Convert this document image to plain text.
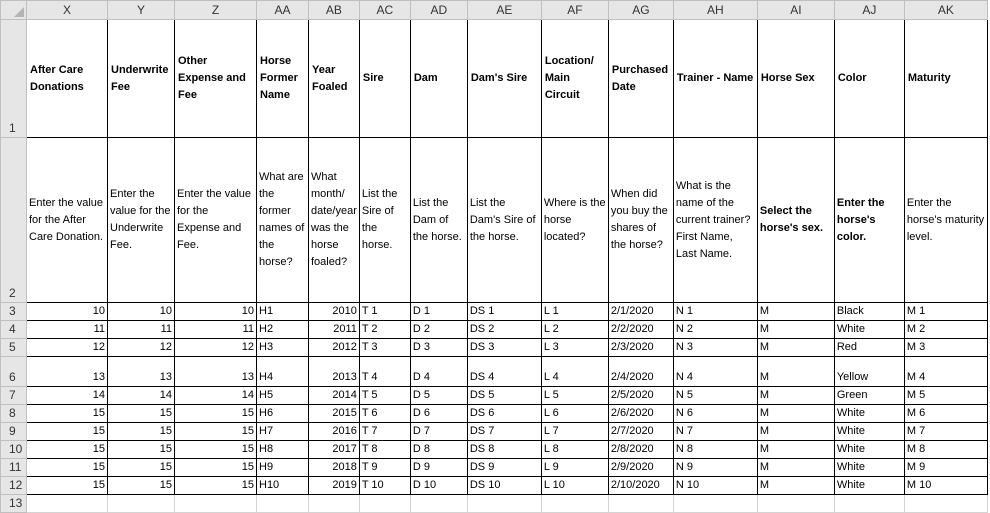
	X	Y	Z	AA	AB	AC	AD	AE	AF	AG	AH	AI	AJ	AK
1	After Care Donations	Underwrite Fee	Other Expense and Fee	Horse Former Name	Year Foaled	Sire	Dam	Dam's Sire	Location/ Main Circuit	Purchased Date	Trainer - Name	Horse Sex	Color	Maturity
2	Enter the value for the After Care Donation.	Enter the value for the Underwrite Fee.	Enter the value for the Expense and Fee.	What are the former names of the horse?	What month/ date/year was the horse foaled?	List the Sire of the horse.	List the Dam of the horse.	List the Dam's Sire of the horse.	Where is the horse located?	When did you buy the shares of the horse?	What is the name of the current trainer? First Name, Last Name.	Select the horse's sex.	Enter the horse's color.	Enter the horse's maturity level.
3	10	10	10	H1	2010	T 1	D 1	DS 1	L 1	2/1/2020	N 1	M	Black	M 1
4	11	11	11	H2	2011	T 2	D 2	DS 2	L 2	2/2/2020	N 2	M	White	M 2
5	12	12	12	H3	2012	T 3	D 3	DS 3	L 3	2/3/2020	N 3	M	Red	M 3
6	13	13	13	H4	2013	T 4	D 4	DS 4	L 4	2/4/2020	N 4	M	Yellow	M 4
7	14	14	14	H5	2014	T 5	D 5	DS 5	L 5	2/5/2020	N 5	M	Green	M 5
8	15	15	15	H6	2015	T 6	D 6	DS 6	L 6	2/6/2020	N 6	M	White	M 6
9	15	15	15	H7	2016	T 7	D 7	DS 7	L 7	2/7/2020	N 7	M	White	M 7
10	15	15	15	H8	2017	T 8	D 8	DS 8	L 8	2/8/2020	N 8	M	White	M 8
11	15	15	15	H9	2018	T 9	D 9	DS 9	L 9	2/9/2020	N 9	M	White	M 9
12	15	15	15	H10	2019	T 10	D 10	DS 10	L 10	2/10/2020	N 10	M	White	M 10
13														
